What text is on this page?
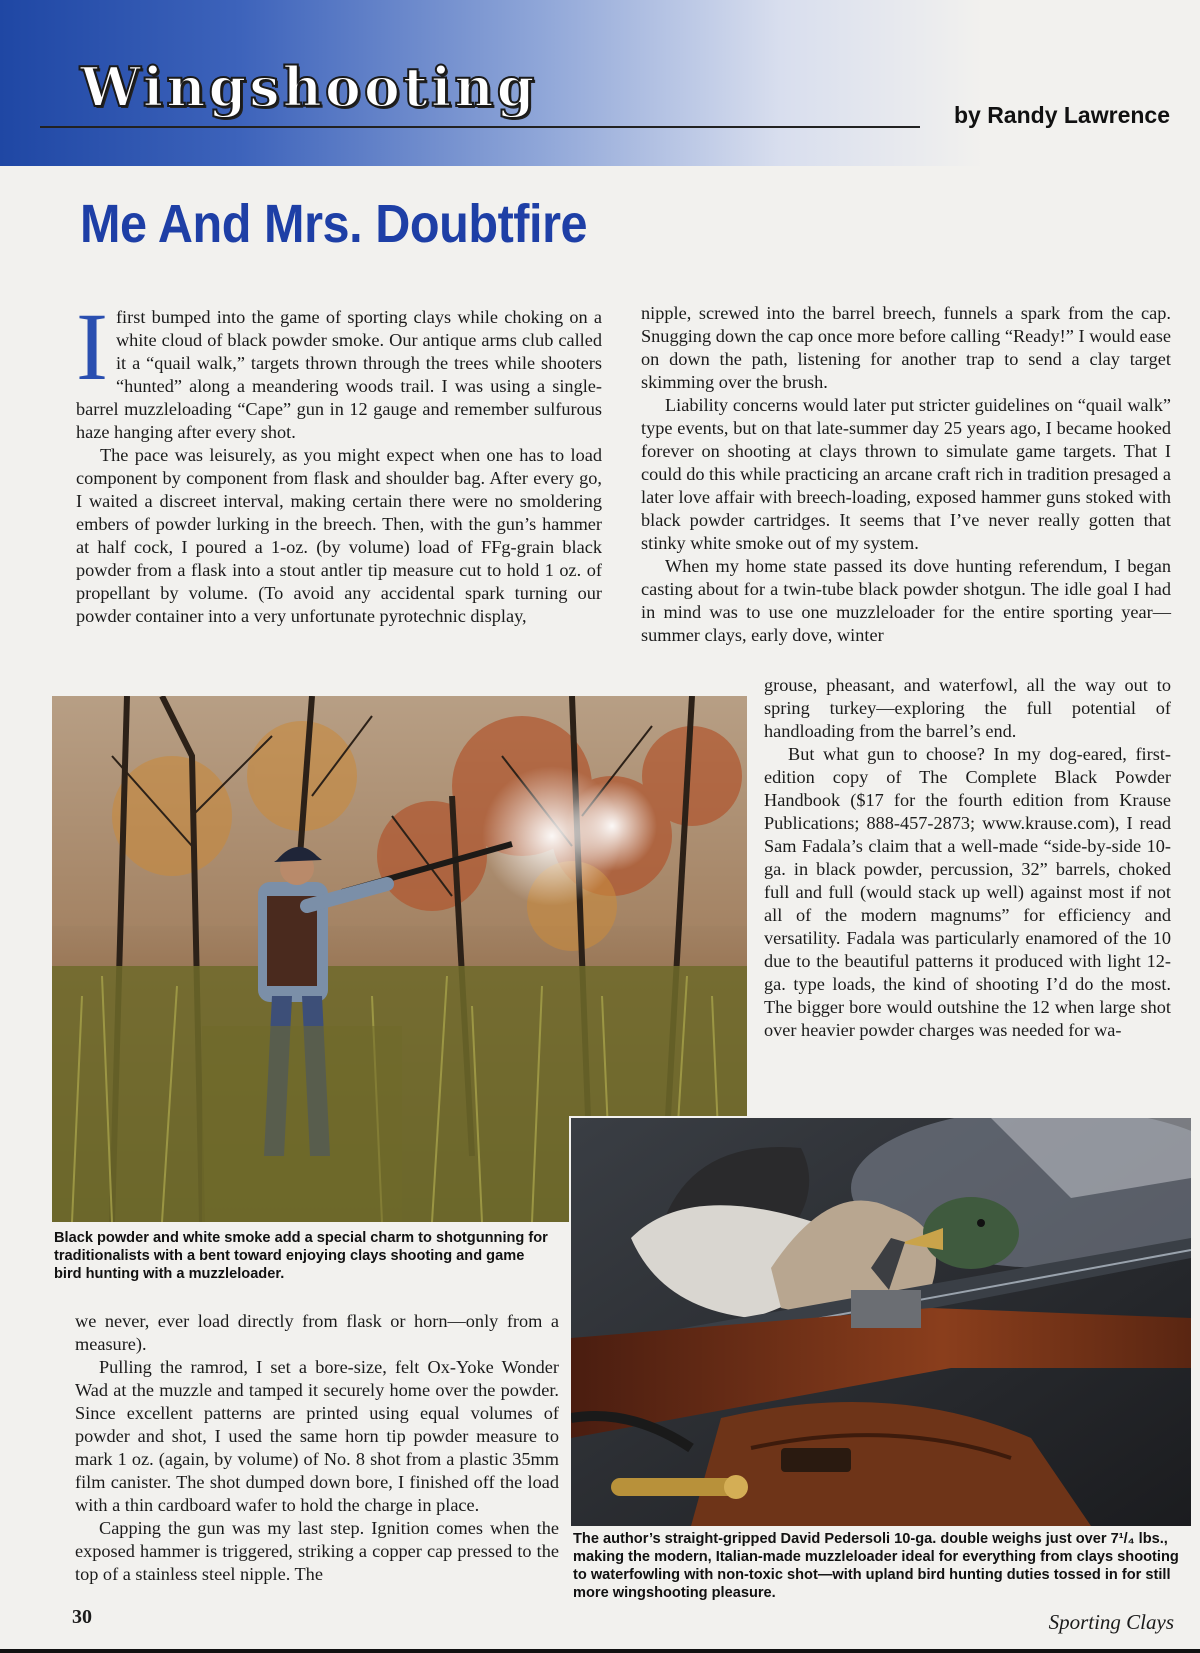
Wingshooting	by Randy Lawrence
Me And Mrs. Doubtfire
I first bumped into the game of sporting clays while choking on a white cloud of black powder smoke. Our antique arms club called it a “quail walk,” targets thrown through the trees while shooters “hunted” along a meandering woods trail. I was using a single-barrel muzzleloading “Cape” gun in 12 gauge and remember sulfurous haze hanging after every shot.

The pace was leisurely, as you might expect when one has to load component by component from flask and shoulder bag. After every go, I waited a discreet interval, making certain there were no smoldering embers of powder lurking in the breech. Then, with the gun’s hammer at half cock, I poured a 1-oz. (by volume) load of FFg-grain black powder from a flask into a stout antler tip measure cut to hold 1 oz. of propellant by volume. (To avoid any accidental spark turning our powder container into a very unfortunate pyrotechnic display,

nipple, screwed into the barrel breech, funnels a spark from the cap. Snugging down the cap once more before calling “Ready!” I would ease on down the path, listening for another trap to send a clay target skimming over the brush.

Liability concerns would later put stricter guidelines on “quail walk” type events, but on that late-summer day 25 years ago, I became hooked forever on shooting at clays thrown to simulate game targets. That I could do this while practicing an arcane craft rich in tradition presaged a later love affair with breech-loading, exposed hammer guns stoked with black powder cartridges. It seems that I’ve never really gotten that stinky white smoke out of my system.

When my home state passed its dove hunting referendum, I began casting about for a twin-tube black powder shotgun. The idle goal I had in mind was to use one muzzleloader for the entire sporting year—summer clays, early dove, winter

grouse, pheasant, and waterfowl, all the way out to spring turkey—exploring the full potential of handloading from the barrel’s end.

But what gun to choose? In my dog-eared, first-edition copy of The Complete Black Powder Handbook ($17 for the fourth edition from Krause Publications; 888-457-2873; www.krause.com), I read Sam Fadala’s claim that a well-made “side-by-side 10-ga. in black powder, percussion, 32” barrels, choked full and full (would stack up well) against most if not all of the modern magnums” for efficiency and versatility. Fadala was particularly enamored of the 10 due to the beautiful patterns it produced with light 12-ga. type loads, the kind of shooting I’d do the most. The bigger bore would outshine the 12 when large shot over heavier powder charges was needed for wa-

Black powder and white smoke add a special charm to shotgunning for traditionalists with a bent toward enjoying clays shooting and game bird hunting with a muzzleloader.

we never, ever load directly from flask or horn—only from a measure).

Pulling the ramrod, I set a bore-size, felt Ox-Yoke Wonder Wad at the muzzle and tamped it securely home over the powder. Since excellent patterns are printed using equal volumes of powder and shot, I used the same horn tip powder measure to mark 1 oz. (again, by volume) of No. 8 shot from a plastic 35mm film canister. The shot dumped down bore, I finished off the load with a thin cardboard wafer to hold the charge in place.

Capping the gun was my last step. Ignition comes when the exposed hammer is triggered, striking a copper cap pressed to the top of a stainless steel nipple. The

The author’s straight-gripped David Pedersoli 10-ga. double weighs just over 7¹/₄ lbs., making the modern, Italian-made muzzleloader ideal for everything from clays shooting to waterfowling with non-toxic shot—with upland bird hunting duties tossed in for still more wingshooting pleasure.

30	Sporting Clays
